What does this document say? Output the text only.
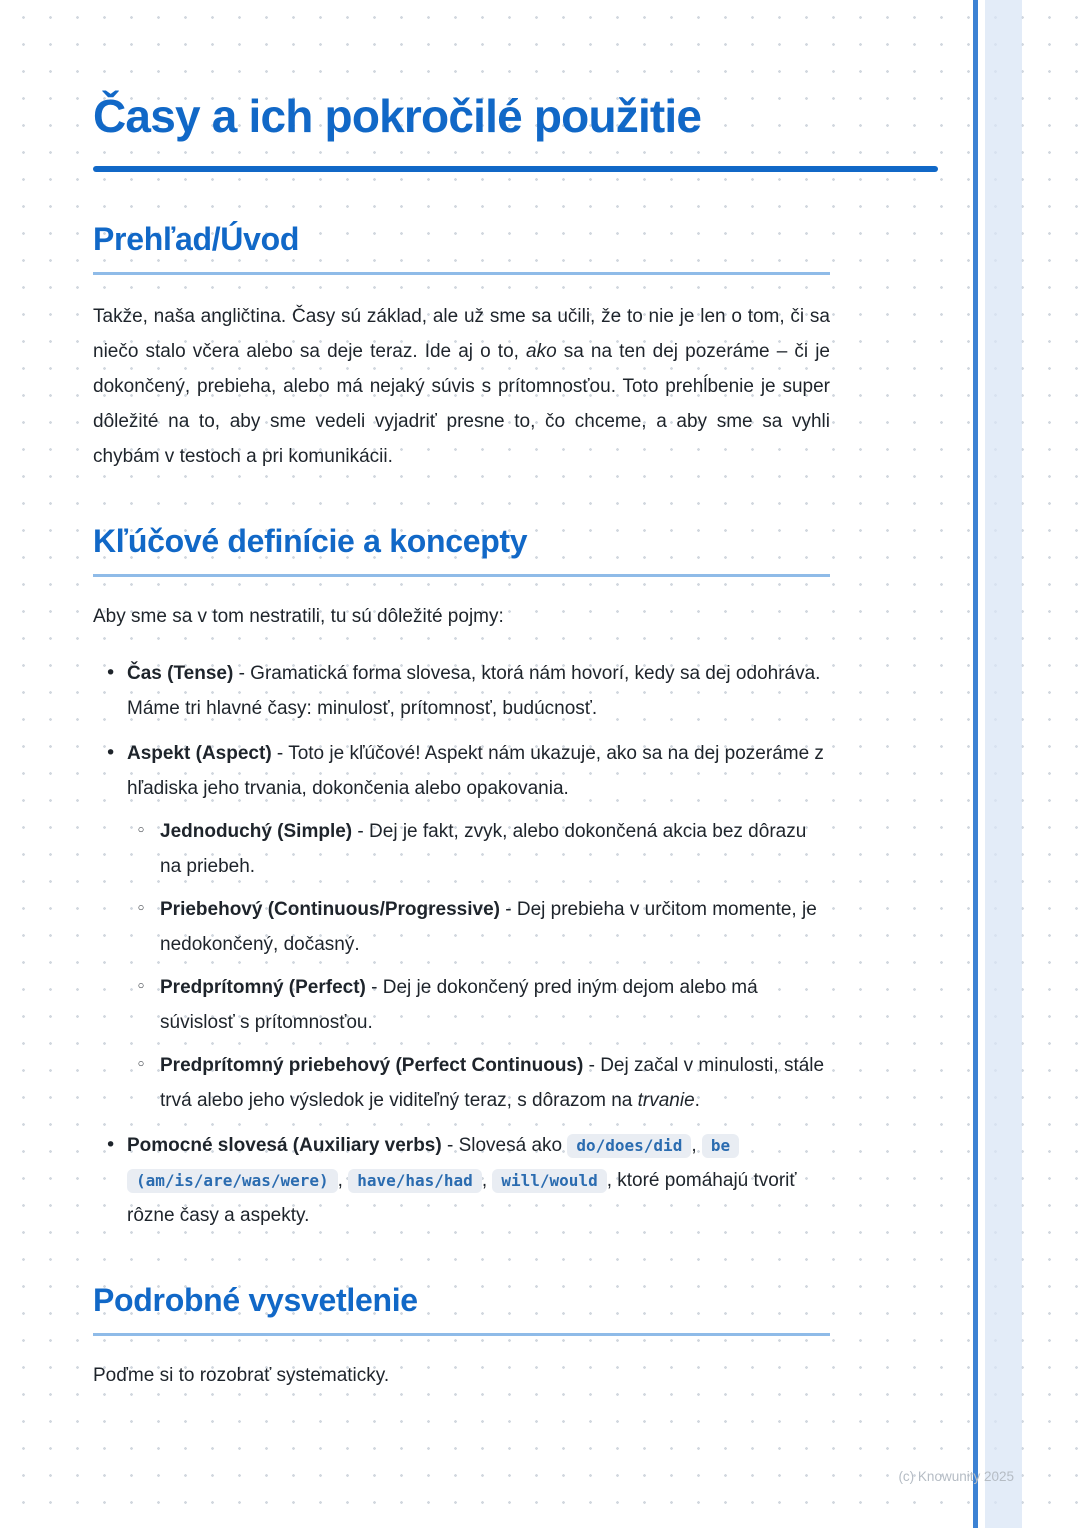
Časy a ich pokročilé použitie
Prehľad/Úvod

Takže, naša angličtina. Časy sú základ, ale už sme sa učili, že to nie je len o tom, či sa niečo stalo včera alebo sa deje teraz. Ide aj o to, ako sa na ten dej pozeráme – či je dokončený, prebieha, alebo má nejaký súvis s prítomnosťou. Toto prehĺbenie je super dôležité na to, aby sme vedeli vyjadriť presne to, čo chceme, a aby sme sa vyhli chybám v testoch a pri komunikácii.

Kľúčové definície a koncepty

Aby sme sa v tom nestratili, tu sú dôležité pojmy:

• Čas (Tense) - Gramatická forma slovesa, ktorá nám hovorí, kedy sa dej odohráva. Máme tri hlavné časy: minulosť, prítomnosť, budúcnosť.
• Aspekt (Aspect) - Toto je kľúčové! Aspekt nám ukazuje, ako sa na dej pozeráme z hľadiska jeho trvania, dokončenia alebo opakovania.
◦ Jednoduchý (Simple) - Dej je fakt, zvyk, alebo dokončená akcia bez dôrazu na priebeh.
◦ Priebehový (Continuous/Progressive) - Dej prebieha v určitom momente, je nedokončený, dočasný.
◦ Predprítomný (Perfect) - Dej je dokončený pred iným dejom alebo má súvislosť s prítomnosťou.
◦ Predprítomný priebehový (Perfect Continuous) - Dej začal v minulosti, stále trvá alebo jeho výsledok je viditeľný teraz, s dôrazom na trvanie.
• Pomocné slovesá (Auxiliary verbs) - Slovesá ako do/does/did , be (am/is/are/was/were) , have/has/had , will/would , ktoré pomáhajú tvoriť rôzne časy a aspekty.
Podrobné vysvetlenie

Poďme si to rozobrať systematicky.

(c) Knowunity 2025
